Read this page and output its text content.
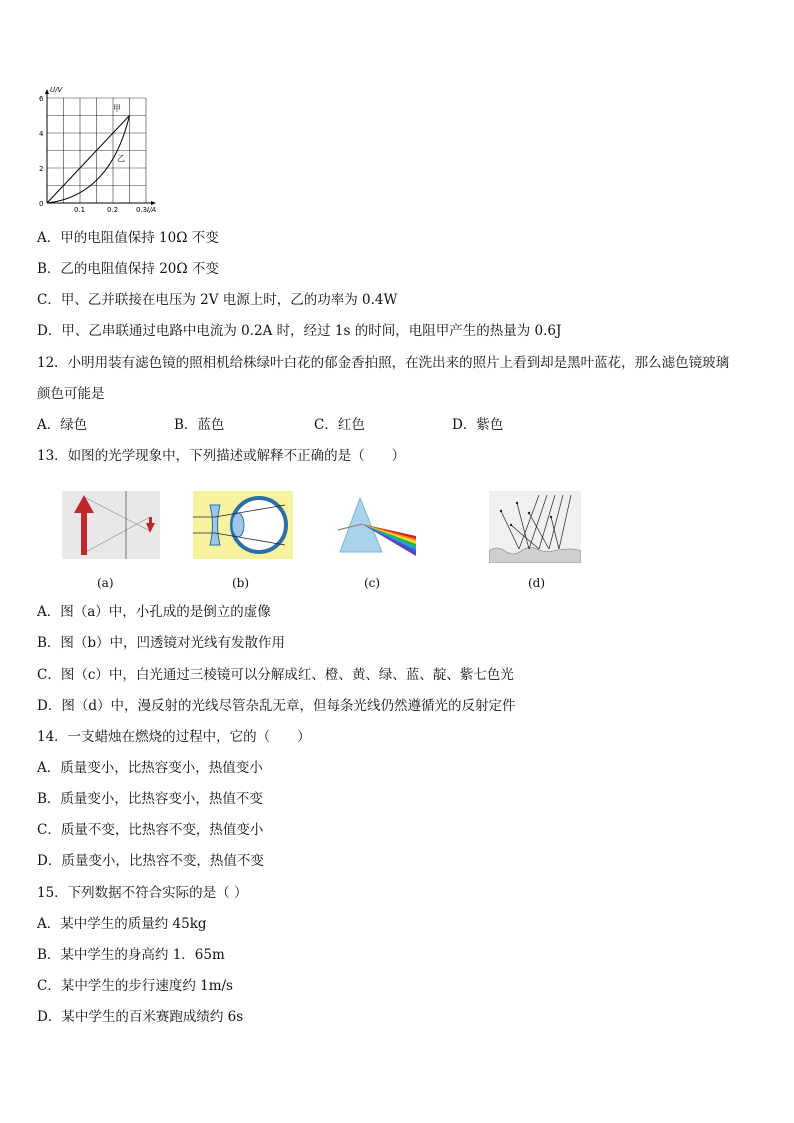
U/V
I/A
6
4
2
0
0.1	0.2	0.3
甲
乙
A．甲的电阻值保持 10Ω 不变
B．乙的电阻值保持 20Ω 不变
C．甲、乙并联接在电压为 2V 电源上时，乙的功率为 0.4W
D．甲、乙串联通过电路中电流为 0.2A 时，经过 1s 的时间，电阻甲产生的热量为 0.6J
12．小明用装有滤色镜的照相机给株绿叶白花的郁金香拍照，在洗出来的照片上看到却是黑叶蓝花，那么滤色镜玻璃
颜色可能是
A．绿色	B．蓝色	C．红色	D．紫色
13．如图的光学现象中，下列描述或解释不正确的是（　　）
(a)	(b)	(c)	(d)
A．图（a）中，小孔成的是倒立的虚像
B．图（b）中，凹透镜对光线有发散作用
C．图（c）中，白光通过三棱镜可以分解成红、橙、黄、绿、蓝、靛、紫七色光
D．图（d）中，漫反射的光线尽管杂乱无章，但每条光线仍然遵循光的反射定件
14．一支蜡烛在燃烧的过程中，它的（　　）
A．质量变小，比热容变小，热值变小
B．质量变小，比热容变小，热值不变
C．质量不变，比热容不变，热值变小
D．质量变小，比热容不变，热值不变
15．下列数据不符合实际的是（ ）
A．某中学生的质量约 45kg
B．某中学生的身高约 1．65m
C．某中学生的步行速度约 1m/s
D．某中学生的百米赛跑成绩约 6s
